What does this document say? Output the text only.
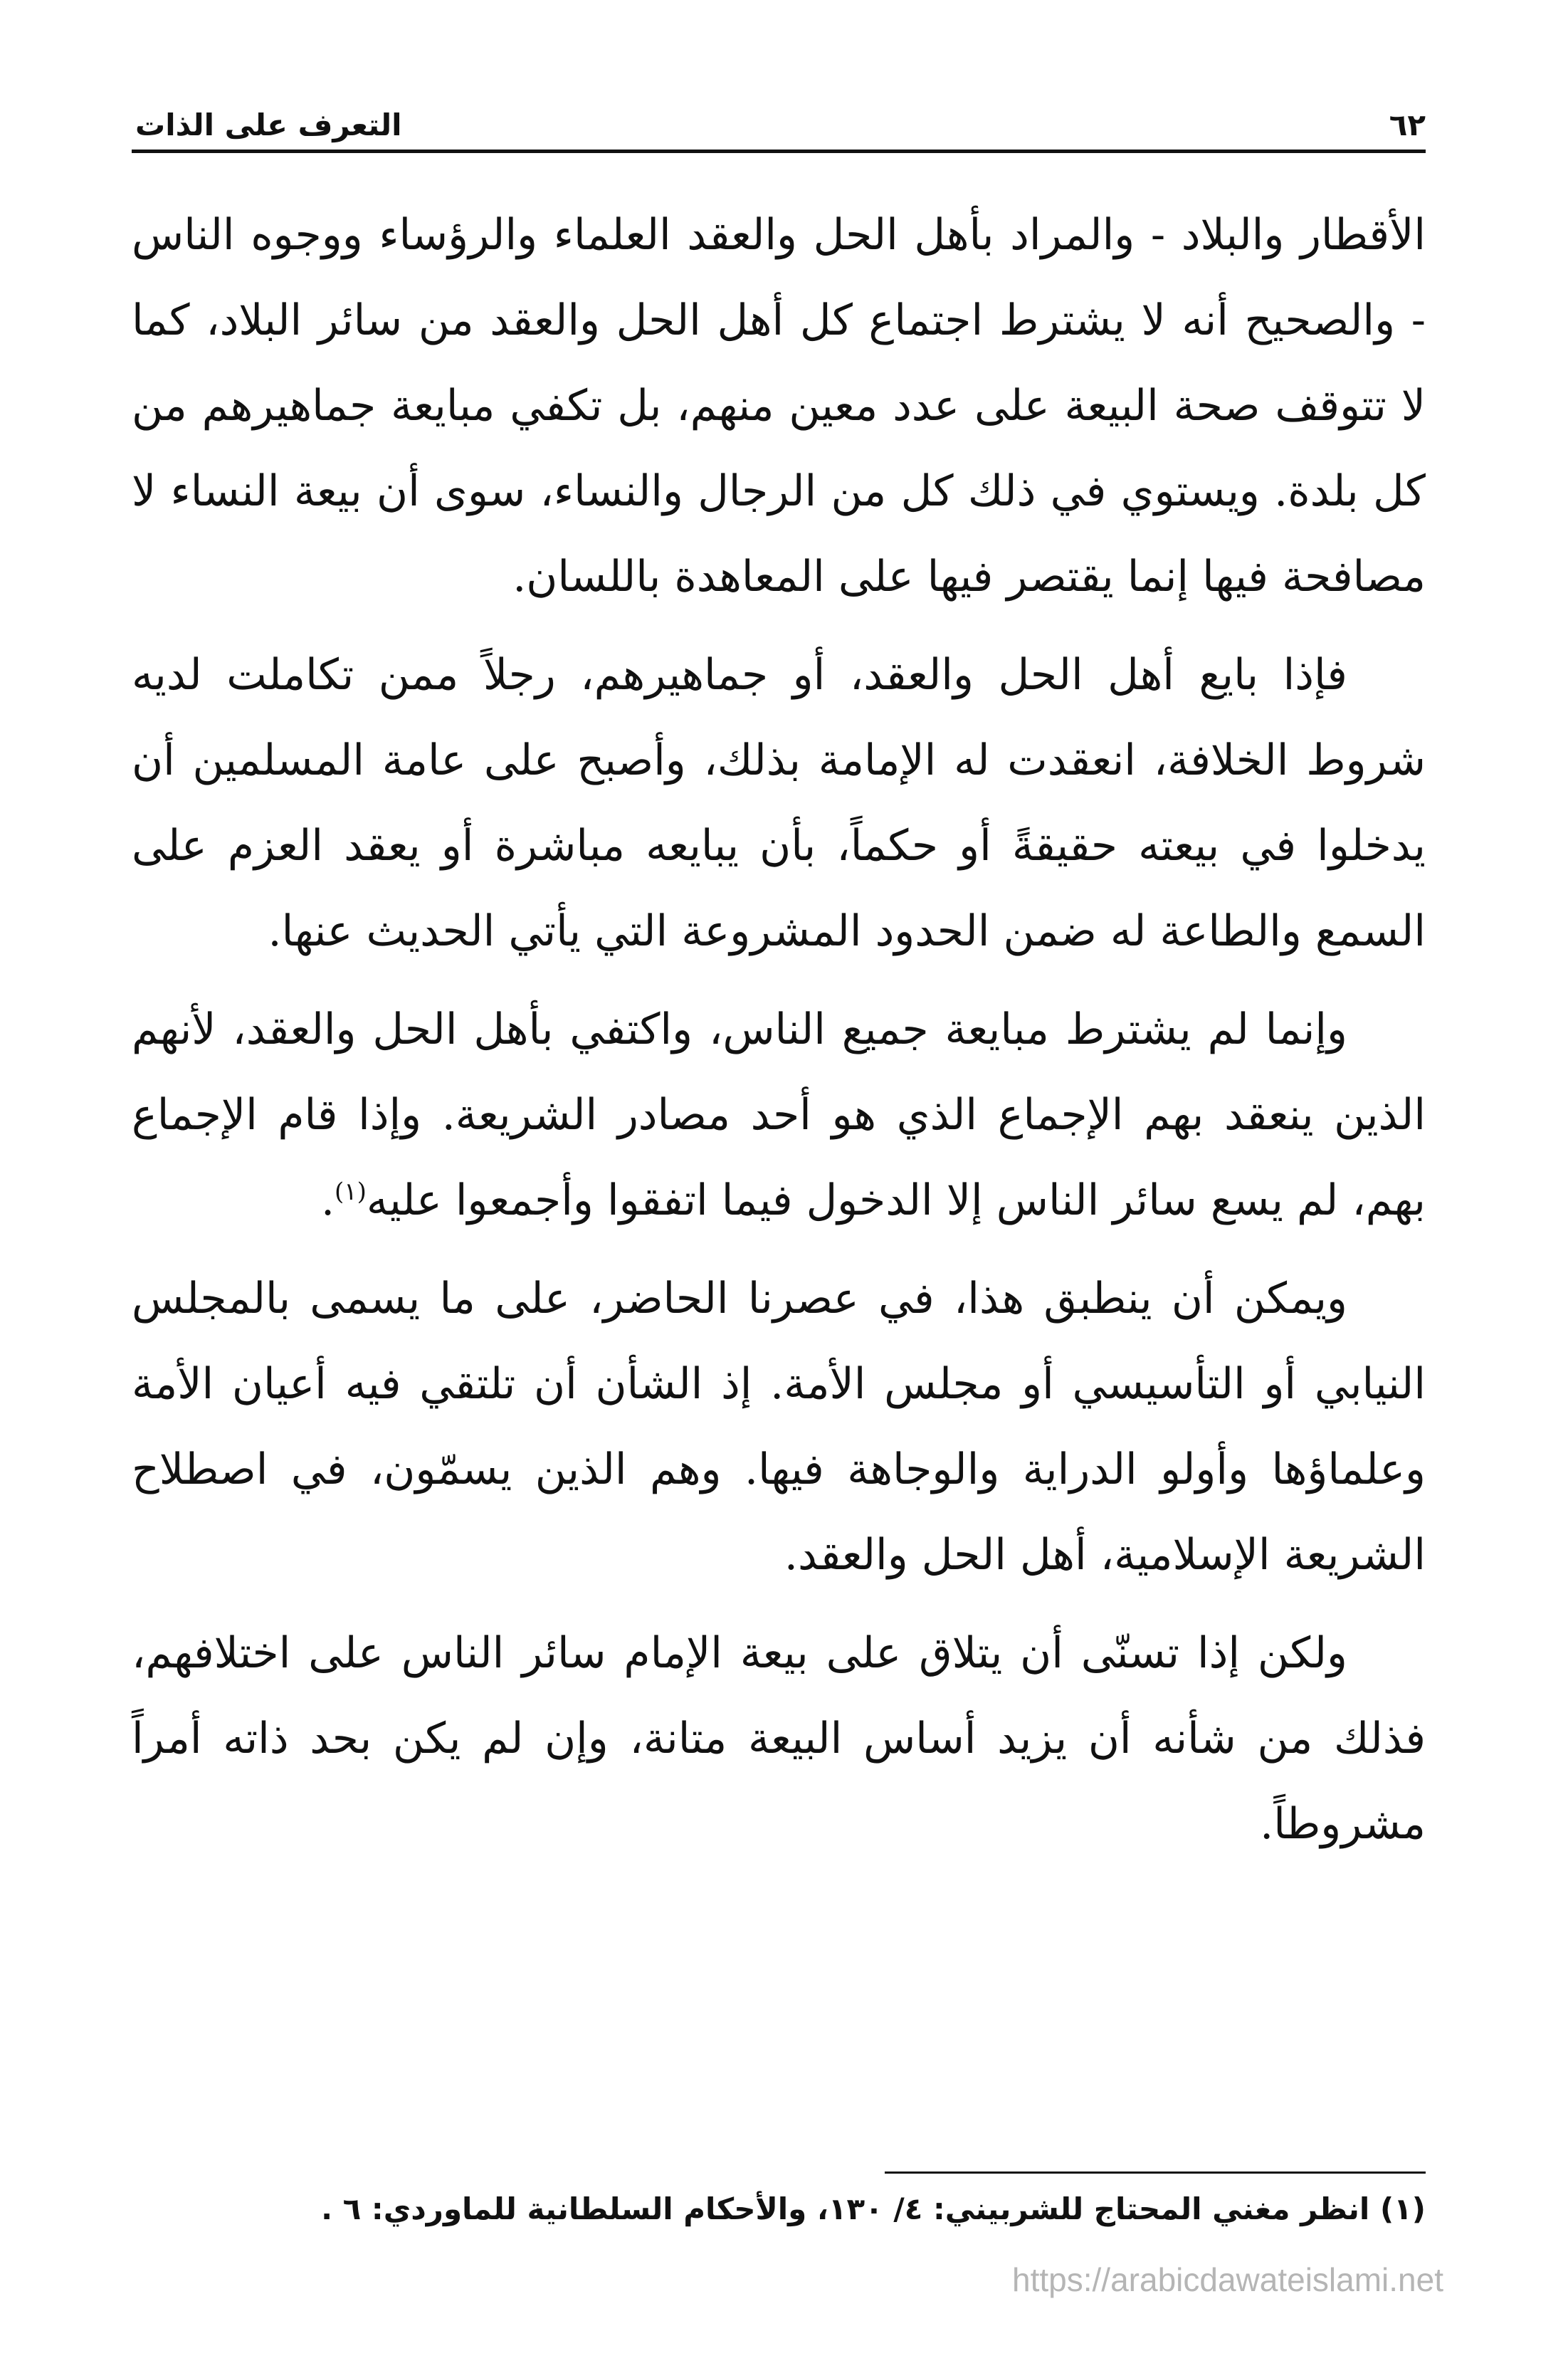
٦٢
التعرف على الذات

الأقطار والبلاد - والمراد بأهل الحل والعقد العلماء والرؤساء ووجوه الناس - والصحيح أنه لا يشترط اجتماع كل أهل الحل والعقد من سائر البلاد، كما لا تتوقف صحة البيعة على عدد معين منهم، بل تكفي مبايعة جماهيرهم من كل بلدة. ويستوي في ذلك كل من الرجال والنساء، سوى أن بيعة النساء لا مصافحة فيها إنما يقتصر فيها على المعاهدة باللسان.

فإذا بايع أهل الحل والعقد، أو جماهيرهم، رجلاً ممن تكاملت لديه شروط الخلافة، انعقدت له الإمامة بذلك، وأصبح على عامة المسلمين أن يدخلوا في بيعته حقيقةً أو حكماً، بأن يبايعه مباشرة أو يعقد العزم على السمع والطاعة له ضمن الحدود المشروعة التي يأتي الحديث عنها.

وإنما لم يشترط مبايعة جميع الناس، واكتفي بأهل الحل والعقد، لأنهم الذين ينعقد بهم الإجماع الذي هو أحد مصادر الشريعة. وإذا قام الإجماع بهم، لم يسع سائر الناس إلا الدخول فيما اتفقوا وأجمعوا عليه$^{(١)}$.

ويمكن أن ينطبق هذا، في عصرنا الحاضر، على ما يسمى بالمجلس النيابي أو التأسيسي أو مجلس الأمة. إذ الشأن أن تلتقي فيه أعيان الأمة وعلماؤها وأولو الدراية والوجاهة فيها. وهم الذين يسمّون، في اصطلاح الشريعة الإسلامية، أهل الحل والعقد.

ولكن إذا تسنّى أن يتلاق على بيعة الإمام سائر الناس على اختلافهم، فذلك من شأنه أن يزيد أساس البيعة متانة، وإن لم يكن بحد ذاته أمراً مشروطاً.

(١) انظر مغني المحتاج للشربيني: ٤/ ١٣٠، والأحكام السلطانية للماوردي: ٦ .
https://arabicdawateislami.net
